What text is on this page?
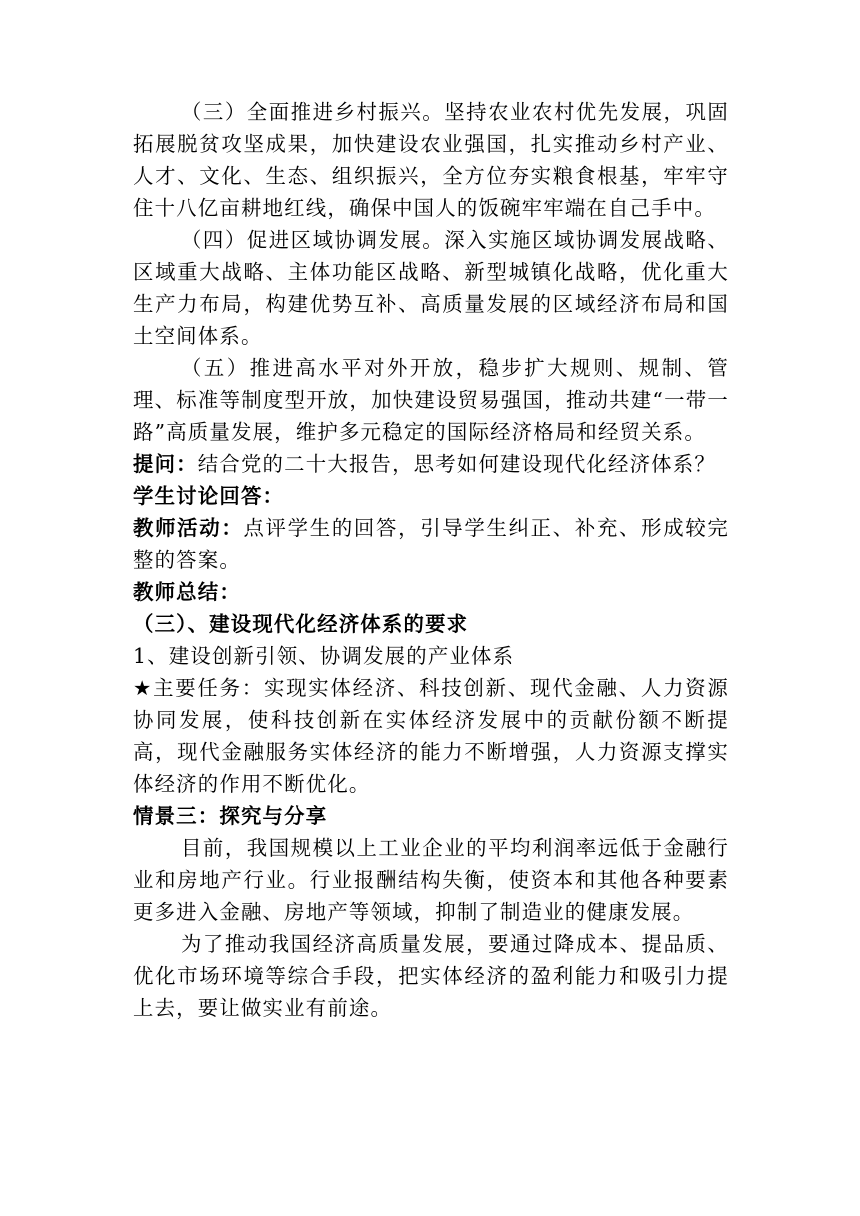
（三）全面推进乡村振兴。坚持农业农村优先发展，巩固拓展脱贫攻坚成果，加快建设农业强国，扎实推动乡村产业、人才、文化、生态、组织振兴，全方位夯实粮食根基，牢牢守住十八亿亩耕地红线，确保中国人的饭碗牢牢端在自己手中。

（四）促进区域协调发展。深入实施区域协调发展战略、区域重大战略、主体功能区战略、新型城镇化战略，优化重大生产力布局，构建优势互补、高质量发展的区域经济布局和国土空间体系。

（五）推进高水平对外开放，稳步扩大规则、规制、管理、标准等制度型开放，加快建设贸易强国，推动共建“一带一路”高质量发展，维护多元稳定的国际经济格局和经贸关系。

提问：结合党的二十大报告，思考如何建设现代化经济体系？

学生讨论回答：

教师活动：点评学生的回答，引导学生纠正、补充、形成较完整的答案。

教师总结：

（三）、建设现代化经济体系的要求

1、建设创新引领、协调发展的产业体系

★主要任务：实现实体经济、科技创新、现代金融、人力资源协同发展，使科技创新在实体经济发展中的贡献份额不断提高，现代金融服务实体经济的能力不断增强，人力资源支撑实体经济的作用不断优化。

情景三：探究与分享

目前，我国规模以上工业企业的平均利润率远低于金融行业和房地产行业。行业报酬结构失衡，使资本和其他各种要素更多进入金融、房地产等领域，抑制了制造业的健康发展。

为了推动我国经济高质量发展，要通过降成本、提品质、优化市场环境等综合手段，把实体经济的盈利能力和吸引力提上去，要让做实业有前途。
